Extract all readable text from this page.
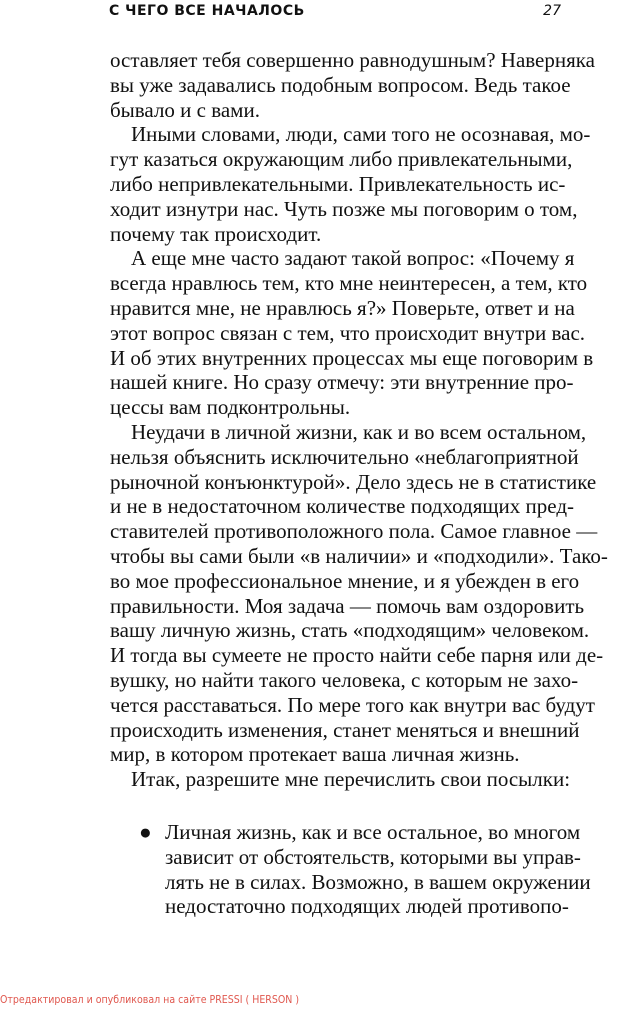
С ЧЕГО ВСЕ НАЧАЛОСЬ	27

оставляет тебя совершенно равнодушным? Наверняка
вы уже задавались подобным вопросом. Ведь такое
бывало и с вами.

Иными словами, люди, сами того не осознавая, мо-
гут казаться окружающим либо привлекательными,
либо непривлекательными. Привлекательность ис-
ходит изнутри нас. Чуть позже мы поговорим о том,
почему так происходит.

А еще мне часто задают такой вопрос: «Почему я
всегда нравлюсь тем, кто мне неинтересен, а тем, кто
нравится мне, не нравлюсь я?» Поверьте, ответ и на
этот вопрос связан с тем, что происходит внутри вас.
И об этих внутренних процессах мы еще поговорим в
нашей книге. Но сразу отмечу: эти внутренние про-
цессы вам подконтрольны.

Неудачи в личной жизни, как и во всем остальном,
нельзя объяснить исключительно «неблагоприятной
рыночной конъюнктурой». Дело здесь не в статистике
и не в недостаточном количестве подходящих пред-
ставителей противоположного пола. Самое главное —
чтобы вы сами были «в наличии» и «подходили». Тако-
во мое профессиональное мнение, и я убежден в его
правильности. Моя задача — помочь вам оздоровить
вашу личную жизнь, стать «подходящим» человеком.
И тогда вы сумеете не просто найти себе парня или де-
вушку, но найти такого человека, с которым не захо-
чется расставаться. По мере того как внутри вас будут
происходить изменения, станет меняться и внешний
мир, в котором протекает ваша личная жизнь.

Итак, разрешите мне перечислить свои посылки:

● Личная жизнь, как и все остальное, во многом
зависит от обстоятельств, которыми вы управ-
лять не в силах. Возможно, в вашем окружении
недостаточно подходящих людей противопо-
Отредактировал и опубликовал на сайте PRESSI ( HERSON )
